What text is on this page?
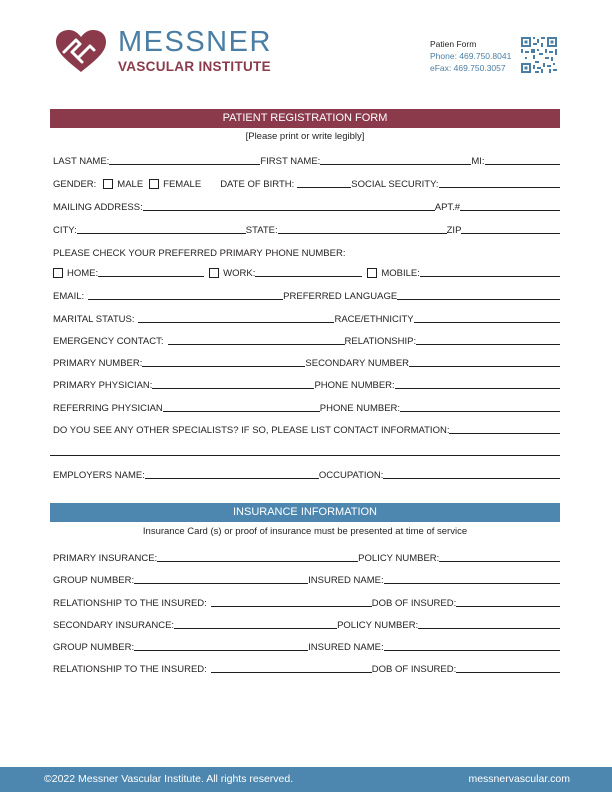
MESSNER
VASCULAR INSTITUTE
Patien Form
Phone: 469.750.8041
eFax: 469.750.3057
PATIENT REGISTRATION FORM
[Please print or write legibly]
LAST NAME:	FIRST NAME:	MI:
GENDER: MALE FEMALE DATE OF BIRTH:	SOCIAL SECURITY:
MAILING ADDRESS:	APT.#
CITY:	STATE:	ZIP
PLEASE CHECK YOUR PREFERRED PRIMARY PHONE NUMBER:
HOME:	WORK:	MOBILE:
EMAIL:	PREFERRED LANGUAGE
MARITAL STATUS:	RACE/ETHNICITY
EMERGENCY CONTACT:	RELATIONSHIP:
PRIMARY NUMBER:	SECONDARY NUMBER
PRIMARY PHYSICIAN:	PHONE NUMBER:
REFERRING PHYSICIAN	PHONE NUMBER:
DO YOU SEE ANY OTHER SPECIALISTS? IF SO, PLEASE LIST CONTACT INFORMATION:
EMPLOYERS NAME:	OCCUPATION:
INSURANCE INFORMATION
Insurance Card (s) or proof of insurance must be presented at time of service
PRIMARY INSURANCE:	POLICY NUMBER:
GROUP NUMBER:	INSURED NAME:
RELATIONSHIP TO THE INSURED:	DOB OF INSURED:
SECONDARY INSURANCE:	POLICY NUMBER:
GROUP NUMBER:	INSURED NAME:
RELATIONSHIP TO THE INSURED:	DOB OF INSURED:
©2022 Messner Vascular Institute. All rights reserved.	messnervascular.com
